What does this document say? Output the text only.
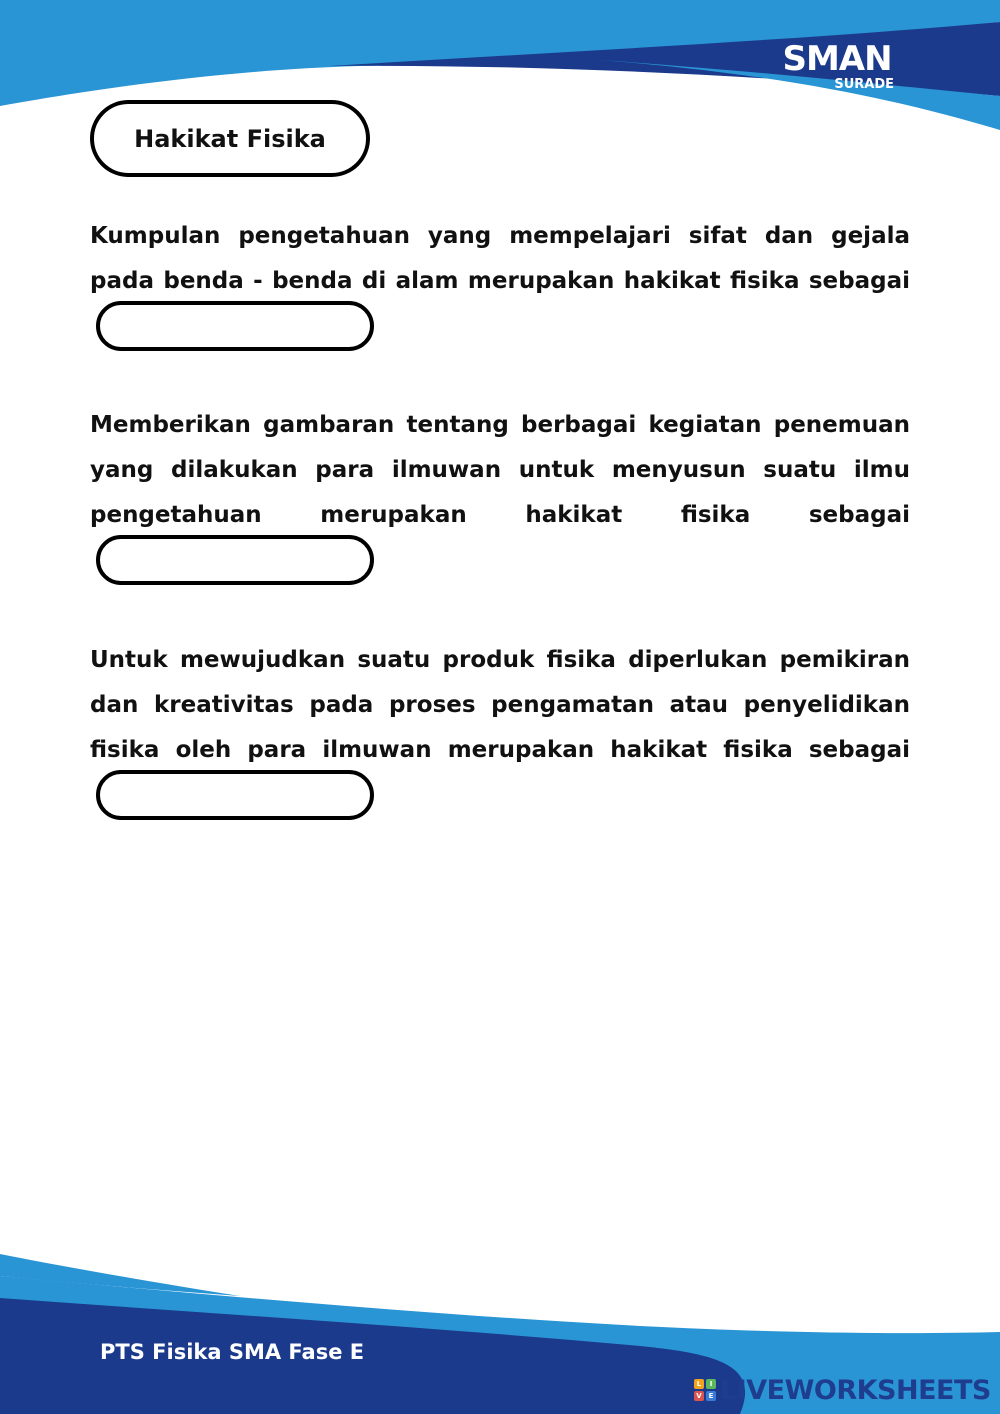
SMAN
SURADE
Hakikat Fisika
Kumpulan pengetahuan yang mempelajari sifat dan gejala pada benda - benda di alam merupakan hakikat fisika sebagai
Memberikan gambaran tentang berbagai kegiatan penemuan yang dilakukan para ilmuwan untuk menyusun suatu ilmu pengetahuan merupakan hakikat fisika sebagai
Untuk mewujudkan suatu produk fisika diperlukan pemikiran dan kreativitas pada proses pengamatan atau penyelidikan fisika oleh para ilmuwan merupakan hakikat fisika sebagai
PTS Fisika SMA Fase E
L	I
V E LIVEWORKSHEETS
